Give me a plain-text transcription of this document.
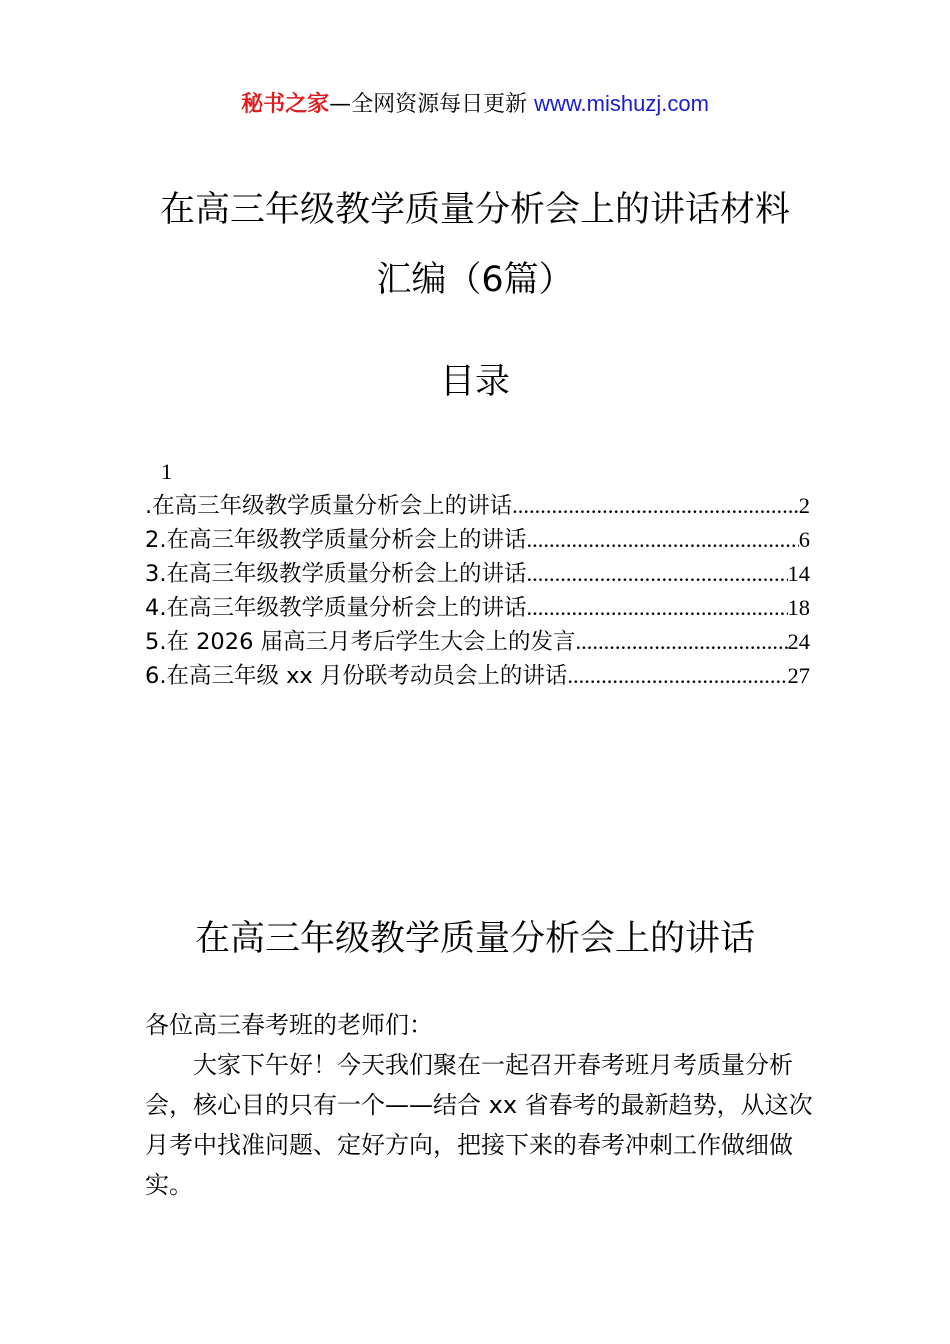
秘书之家—全网资源每日更新 www.mishuzj.com
在高三年级教学质量分析会上的讲话材料
汇编（6篇）
目录
1
.在高三年级教学质量分析会上的讲话 .....	2
2.在高三年级教学质量分析会上的讲话 .....	6
3.在高三年级教学质量分析会上的讲话 .....	14
4.在高三年级教学质量分析会上的讲话 .....	18
5.在 2026 届高三月考后学生大会上的发言 .....	24
6.在高三年级 xx 月份联考动员会上的讲话 .....	27
在高三年级教学质量分析会上的讲话

各位高三春考班的老师们：

大家下午好！今天我们聚在一起召开春考班月考质量分析会，核心目的只有一个——结合 xx 省春考的最新趋势，从这次月考中找准问题、定好方向，把接下来的春考冲刺工作做细做实。
